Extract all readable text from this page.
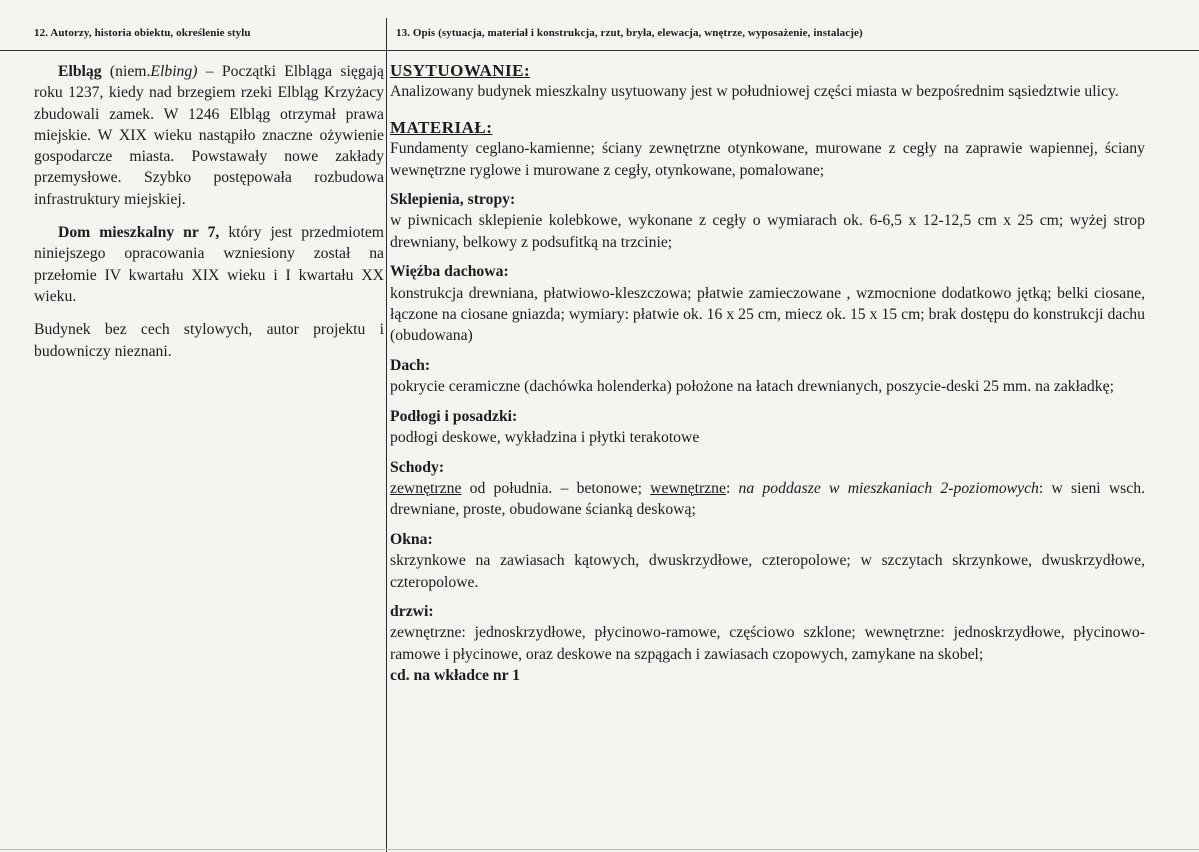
12. Autorzy, historia obiektu, określenie stylu	13. Opis (sytuacja, materiał i konstrukcja, rzut, bryła, elewacja, wnętrze, wyposażenie, instalacje)

Elbląg (niem.Elbing) – Początki Elbląga sięgają roku 1237, kiedy nad brzegiem rzeki Elbląg Krzyżacy zbudowali zamek. W 1246 Elbląg otrzymał prawa miejskie. W XIX wieku nastąpiło znaczne ożywienie gospodarcze miasta. Powstawały nowe zakłady przemysłowe. Szybko postępowała rozbudowa infrastruktury miejskiej.

Dom mieszkalny nr 7, który jest przedmiotem niniejszego opracowania wzniesiony został na przełomie IV kwartału XIX wieku i I kwartału XX wieku.

Budynek bez cech stylowych, autor projektu i budowniczy nieznani.

USYTUOWANIE:

Analizowany budynek mieszkalny usytuowany jest w południowej części miasta w bezpośrednim sąsiedztwie ulicy.

MATERIAŁ:

Fundamenty ceglano-kamienne; ściany zewnętrzne otynkowane, murowane z cegły na zaprawie wapiennej, ściany wewnętrzne ryglowe i murowane z cegły, otynkowane, pomalowane;

Sklepienia, stropy:

w piwnicach sklepienie kolebkowe, wykonane z cegły o wymiarach ok. 6-6,5 x 12-12,5 cm x 25 cm; wyżej strop drewniany, belkowy z podsufitką na trzcinie;

Więźba dachowa:

konstrukcja drewniana, płatwiowo-kleszczowa; płatwie zamieczowane , wzmocnione dodatkowo jętką; belki ciosane, łączone na ciosane gniazda; wymiary: płatwie ok. 16 x 25 cm, miecz ok. 15 x 15 cm; brak dostępu do konstrukcji dachu (obudowana)

Dach:

pokrycie ceramiczne (dachówka holenderka) położone na łatach drewnianych, poszycie-deski 25 mm. na zakładkę;

Podłogi i posadzki:

podłogi deskowe, wykładzina i płytki terakotowe

Schody:

zewnętrzne od południa. – betonowe; wewnętrzne: na poddasze w mieszkaniach 2-poziomowych: w sieni wsch. drewniane, proste, obudowane ścianką deskową;

Okna:

skrzynkowe na zawiasach kątowych, dwuskrzydłowe, czteropolowe; w szczytach skrzynkowe, dwuskrzydłowe, czteropolowe.

drzwi:

zewnętrzne: jednoskrzydłowe, płycinowo-ramowe, częściowo szklone; wewnętrzne: jednoskrzydłowe, płycinowo-ramowe i płycinowe, oraz deskowe na szpągach i zawiasach czopowych, zamykane na skobel;

cd. na wkładce nr 1
